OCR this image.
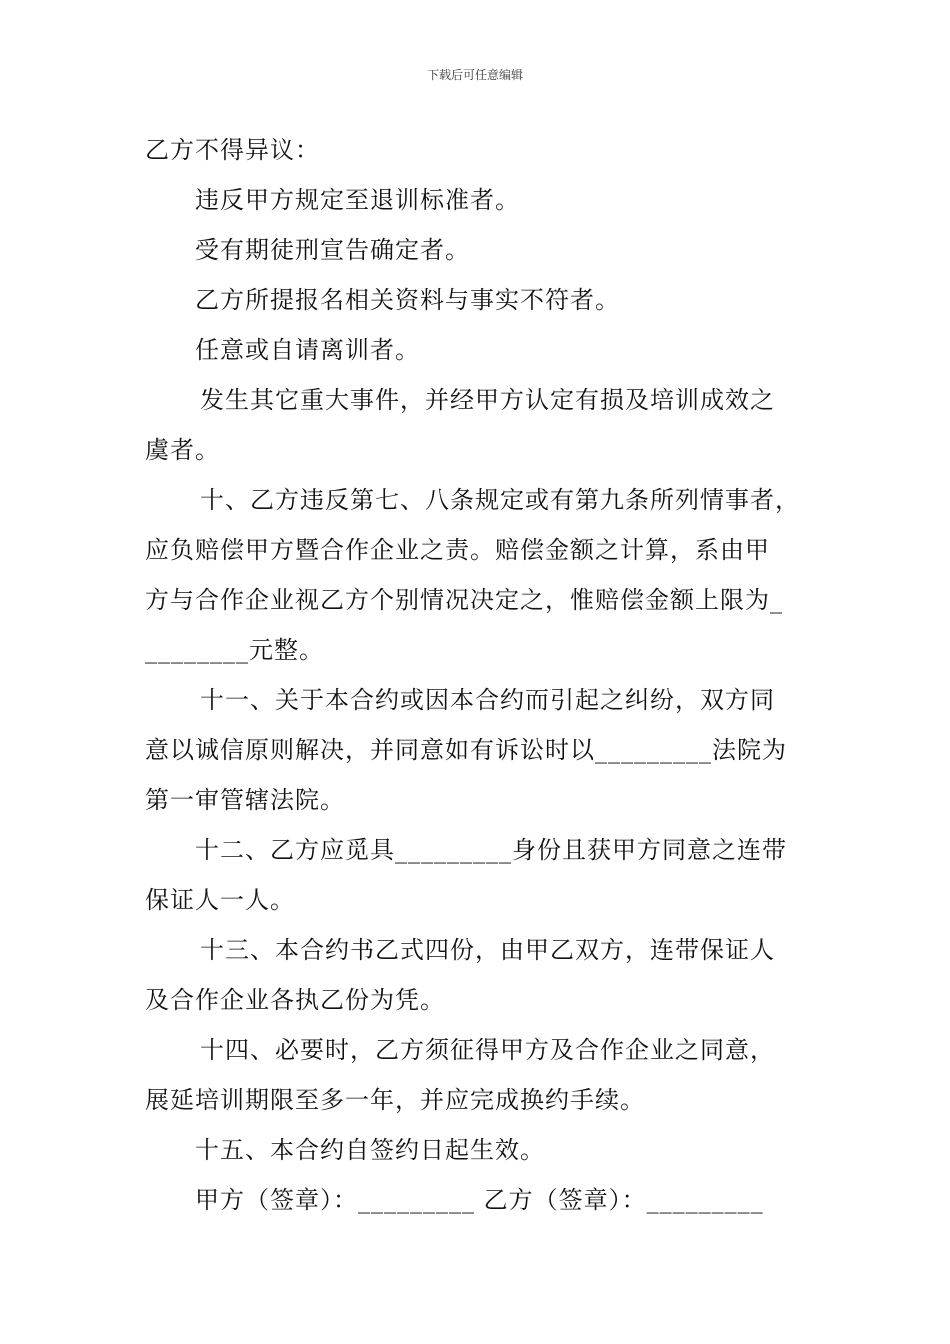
下载后可任意编辑
乙方不得异议：
违反甲方规定至退训标准者。
受有期徒刑宣告确定者。
乙方所提报名相关资料与事实不符者。
任意或自请离训者。
发生其它重大事件，并经甲方认定有损及培训成效之
虞者。
十、乙方违反第七、八条规定或有第九条所列情事者，
应负赔偿甲方暨合作企业之责。赔偿金额之计算，系由甲
方与合作企业视乙方个别情况决定之，惟赔偿金额上限为_
________元整。
十一、关于本合约或因本合约而引起之纠纷，双方同
意以诚信原则解决，并同意如有诉讼时以_________法院为
第一审管辖法院。
十二、乙方应觅具_________身份且获甲方同意之连带
保证人一人。
十三、本合约书乙式四份，由甲乙双方，连带保证人
及合作企业各执乙份为凭。
十四、必要时，乙方须征得甲方及合作企业之同意，
展延培训期限至多一年，并应完成换约手续。
十五、本合约自签约日起生效。
甲方（签章）：_________ 乙方（签章）：_________
